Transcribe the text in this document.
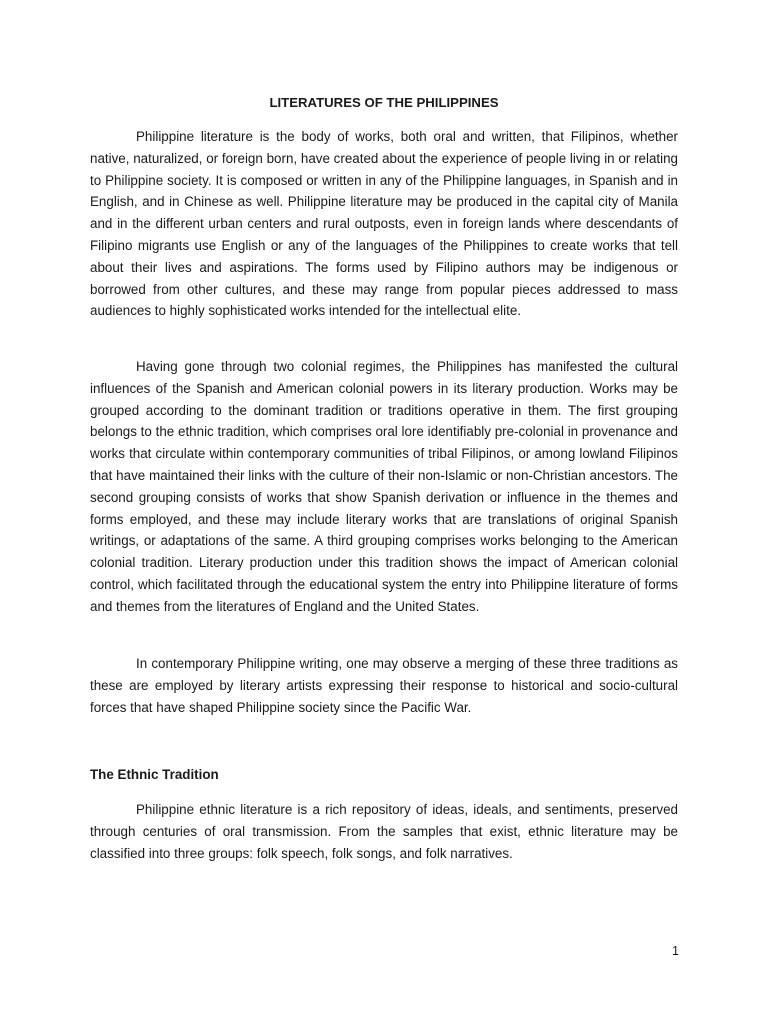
LITERATURES OF THE PHILIPPINES

Philippine literature is the body of works, both oral and written, that Filipinos, whether native, naturalized, or foreign born, have created about the experience of people living in or relating to Philippine society. It is composed or written in any of the Philippine languages, in Spanish and in English, and in Chinese as well. Philippine literature may be produced in the capital city of Manila and in the different urban centers and rural outposts, even in foreign lands where descendants of Filipino migrants use English or any of the languages of the Philippines to create works that tell about their lives and aspirations. The forms used by Filipino authors may be indigenous or borrowed from other cultures, and these may range from popular pieces addressed to mass audiences to highly sophisticated works intended for the intellectual elite.

Having gone through two colonial regimes, the Philippines has manifested the cultural influences of the Spanish and American colonial powers in its literary production. Works may be grouped according to the dominant tradition or traditions operative in them. The first grouping belongs to the ethnic tradition, which comprises oral lore identifiably pre-colonial in provenance and works that circulate within contemporary communities of tribal Filipinos, or among lowland Filipinos that have maintained their links with the culture of their non-Islamic or non-Christian ancestors. The second grouping consists of works that show Spanish derivation or influence in the themes and forms employed, and these may include literary works that are translations of original Spanish writings, or adaptations of the same. A third grouping comprises works belonging to the American colonial tradition. Literary production under this tradition shows the impact of American colonial control, which facilitated through the educational system the entry into Philippine literature of forms and themes from the literatures of England and the United States.

In contemporary Philippine writing, one may observe a merging of these three traditions as these are employed by literary artists expressing their response to historical and socio-cultural forces that have shaped Philippine society since the Pacific War.

The Ethnic Tradition

Philippine ethnic literature is a rich repository of ideas, ideals, and sentiments, preserved through centuries of oral transmission. From the samples that exist, ethnic literature may be classified into three groups: folk speech, folk songs, and folk narratives.

1
